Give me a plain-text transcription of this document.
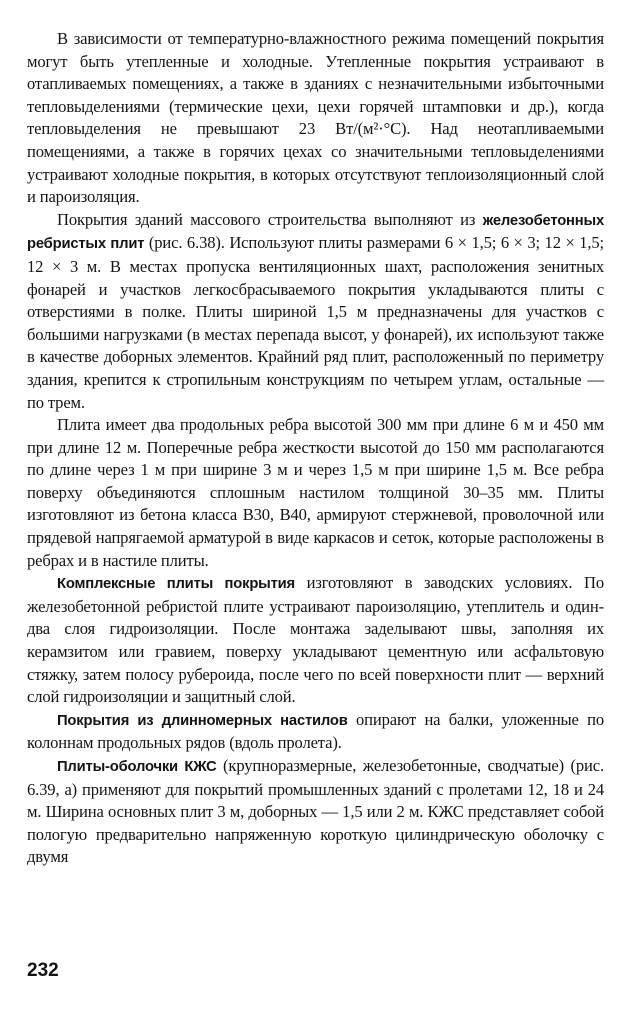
В зависимости от температурно-влажностного режима помещений покрытия могут быть утепленные и холодные. Утепленные покрытия устраивают в отапливаемых помещениях, а также в зданиях с незначительными избыточными тепловыделениями (термические цехи, цехи горячей штамповки и др.), когда тепловыделения не превышают 23 Вт/(м²·°С). Над неотапливаемыми помещениями, а также в горячих цехах со значительными тепловыделениями устраивают холодные покрытия, в которых отсутствуют теплоизоляционный слой и пароизоляция.

Покрытия зданий массового строительства выполняют из железобетонных ребристых плит (рис. 6.38). Используют плиты размерами 6 × 1,5; 6 × 3; 12 × 1,5; 12 × 3 м. В местах пропуска вентиляционных шахт, расположения зенитных фонарей и участков легкосбрасываемого покрытия укладываются плиты с отверстиями в полке. Плиты шириной 1,5 м предназначены для участков с большими нагрузками (в местах перепада высот, у фонарей), их используют также в качестве доборных элементов. Крайний ряд плит, расположенный по периметру здания, крепится к стропильным конструкциям по четырем углам, остальные — по трем.

Плита имеет два продольных ребра высотой 300 мм при длине 6 м и 450 мм при длине 12 м. Поперечные ребра жесткости высотой до 150 мм располагаются по длине через 1 м при ширине 3 м и через 1,5 м при ширине 1,5 м. Все ребра поверху объединяются сплошным настилом толщиной 30–35 мм. Плиты изготовляют из бетона класса В30, В40, армируют стержневой, проволочной или прядевой напрягаемой арматурой в виде каркасов и сеток, которые расположены в ребрах и в настиле плиты.

Комплексные плиты покрытия изготовляют в заводских условиях. По железобетонной ребристой плите устраивают пароизоляцию, утеплитель и один-два слоя гидроизоляции. После монтажа заделывают швы, заполняя их керамзитом или гравием, поверху укладывают цементную или асфальтовую стяжку, затем полосу рубероида, после чего по всей поверхности плит — верхний слой гидроизоляции и защитный слой.

Покрытия из длинномерных настилов опирают на балки, уложенные по колоннам продольных рядов (вдоль пролета).

Плиты-оболочки КЖС (крупноразмерные, железобетонные, сводчатые) (рис. 6.39, а) применяют для покрытий промышленных зданий с пролетами 12, 18 и 24 м. Ширина основных плит 3 м, доборных — 1,5 или 2 м. КЖС представляет собой пологую предварительно напряженную короткую цилиндрическую оболочку с двумя

232
